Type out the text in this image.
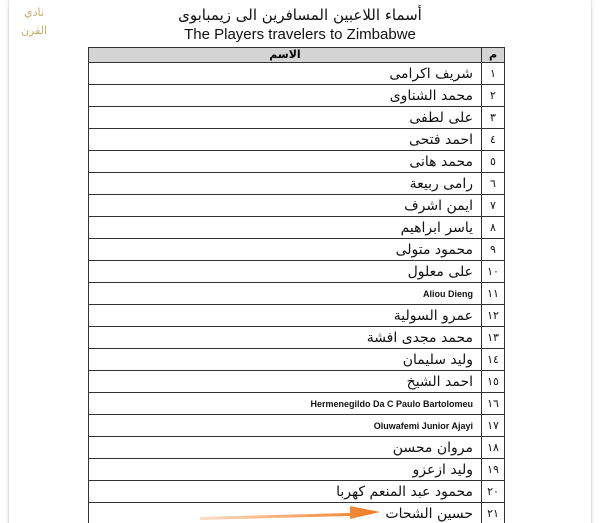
نادي القرن
أسماء اللاعبين المسافرين الى زيمبابوى
The Players travelers to Zimbabwe
م	الاسم
١	شريف اكرامى
٢	محمد الشناوى
٣	على لطفى
٤	احمد فتحى
٥	محمد هانى
٦	رامى ربيعة
٧	ايمن اشرف
٨	ياسر ابراهيم
٩	محمود متولى
١٠	على معلول
١١	Aliou Dieng
١٢	عمرو السولية
١٣	محمد مجدى افشة
١٤	وليد سليمان
١٥	احمد الشيخ
١٦	Hermenegildo Da C Paulo Bartolomeu
١٧	Oluwafemi Junior Ajayi
١٨	مروان محسن
١٩	وليد ازعزو
٢٠	محمود عبد المنعم كهربا
٢١	حسين الشحات
